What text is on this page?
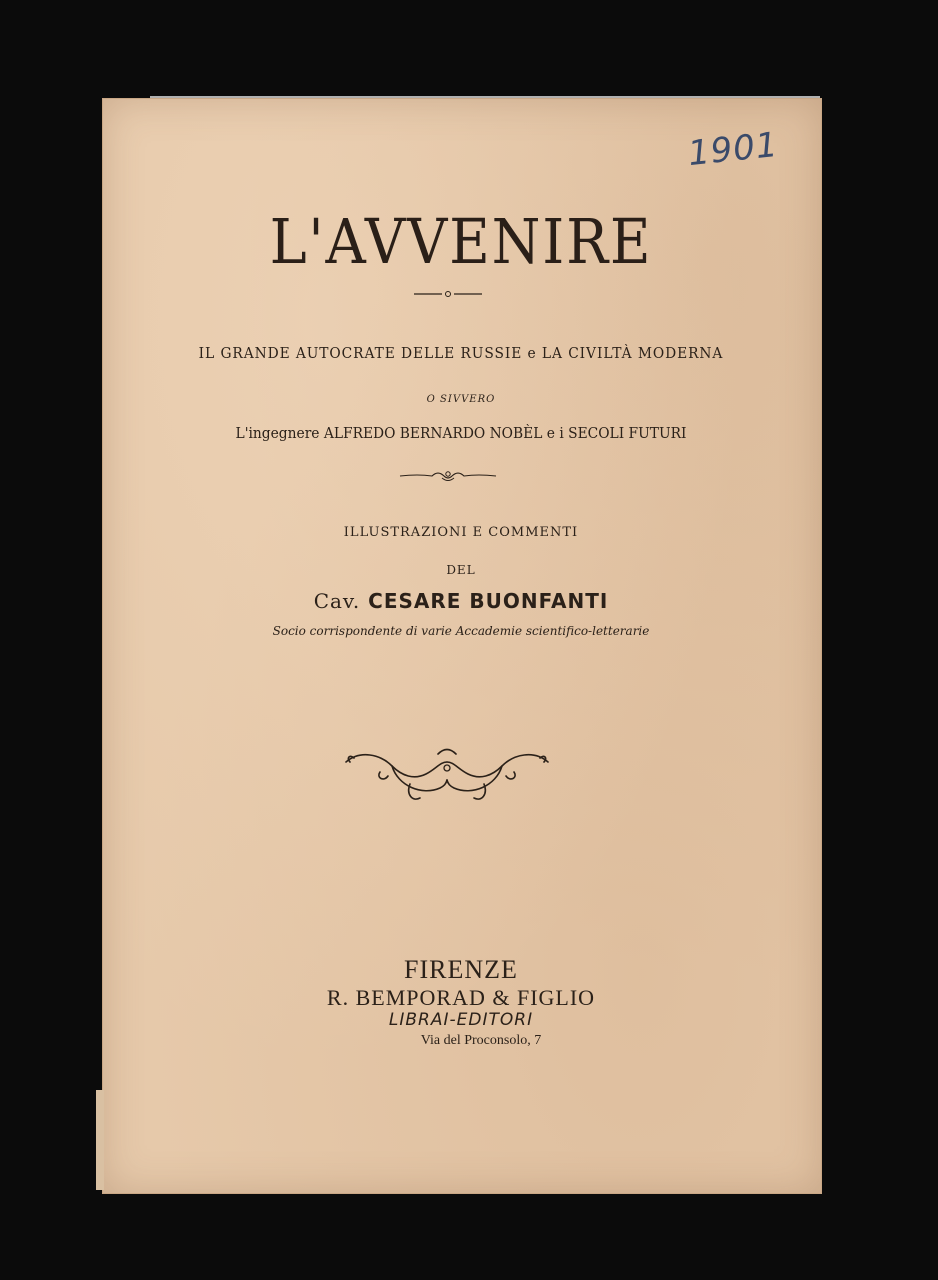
1901
L'AVVENIRE
IL GRANDE AUTOCRATE DELLE RUSSIE e LA CIVILTÀ MODERNA
O SIVVERO
L'ingegnere ALFREDO BERNARDO NOBÈL e i SECOLI FUTURI
ILLUSTRAZIONI E COMMENTI
DEL
Cav. CESARE BUONFANTI
Socio corrispondente di varie Accademie scientifico-letterarie
FIRENZE
R. BEMPORAD & FIGLIO
LIBRAI-EDITORI
Via del Proconsolo, 7
